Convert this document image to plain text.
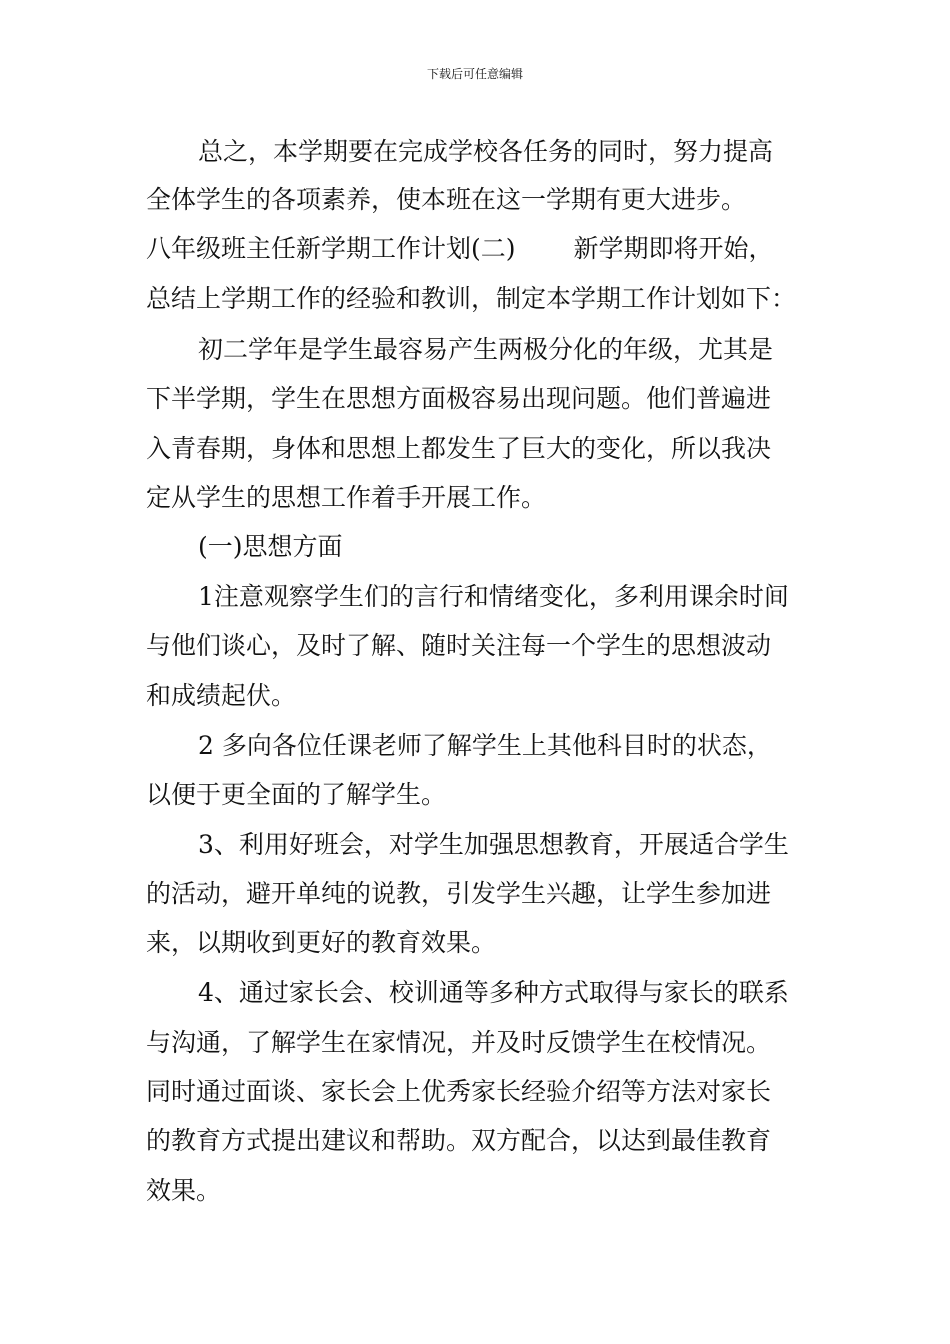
下载后可任意编辑
总之，本学期要在完成学校各任务的同时，努力提高
全体学生的各项素养，使本班在这一学期有更大进步。
八年级班主任新学期工作计划(二) 新学期即将开始，
总结上学期工作的经验和教训，制定本学期工作计划如下：
初二学年是学生最容易产生两极分化的年级，尤其是
下半学期，学生在思想方面极容易出现问题。他们普遍进
入青春期，身体和思想上都发生了巨大的变化，所以我决
定从学生的思想工作着手开展工作。
(一)思想方面
1注意观察学生们的言行和情绪变化，多利用课余时间
与他们谈心，及时了解、随时关注每一个学生的思想波动
和成绩起伏。
2 多向各位任课老师了解学生上其他科目时的状态，
以便于更全面的了解学生。
3、利用好班会，对学生加强思想教育，开展适合学生
的活动，避开单纯的说教，引发学生兴趣，让学生参加进
来，以期收到更好的教育效果。
4、通过家长会、校训通等多种方式取得与家长的联系
与沟通，了解学生在家情况，并及时反馈学生在校情况。
同时通过面谈、家长会上优秀家长经验介绍等方法对家长
的教育方式提出建议和帮助。双方配合，以达到最佳教育
效果。
